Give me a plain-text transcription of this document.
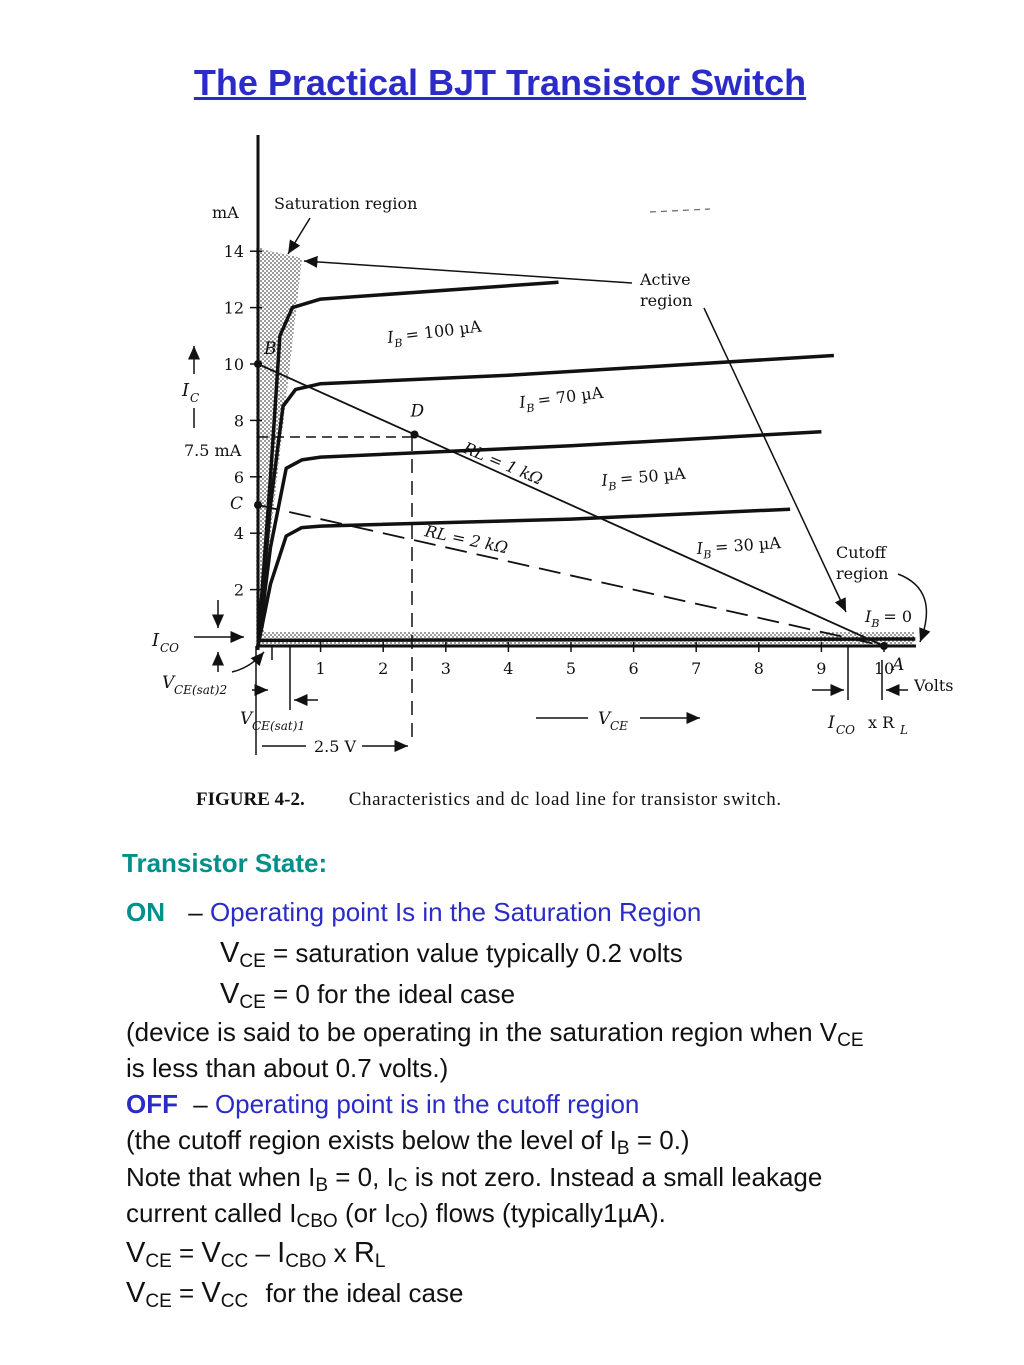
The Practical BJT Transistor Switch
2
4
6
8
10
12
14
1	2	3	4	5	6	7	8	9	10
$I_B= 100$ µA
$I_B= 70$ µA
$I_B = 50$ µA
$I_B = 30$ µA
$I_B = 0$
RL = 1 kΩ
RL = 2 kΩ
A
B
C
D
mA Saturation region
Active
region
Cutoff
region
7.5 mA
I C
I CO
V CE(sat)2
V CE(sat)1
2.5 V
V CE	I CO x R L
Volts
FIGURE 4-2. Characteristics and dc load line for transistor switch.
Transistor State:
ON – Operating point Is in the Saturation Region
$V_{CE}$ = saturation value typically 0.2 volts
$V_{CE} = 0$ for the ideal case
(device is said to be operating in the saturation region when $V_{CE}$
is less than about 0.7 volts.)
OFF – Operating point is in the cutoff region
(the cutoff region exists below the level of $I_B = 0$.)
Note that when $I_B = 0$, $I_C$ is not zero. Instead a small leakage
current called $I_{CBO}$ (or $I_{CO}$) flows (typically1µA).
$V_{CE} = V_{CC} - I_{CBO}$ x $R_L$
$V_{CE} = V_{CC}$ for the ideal case
